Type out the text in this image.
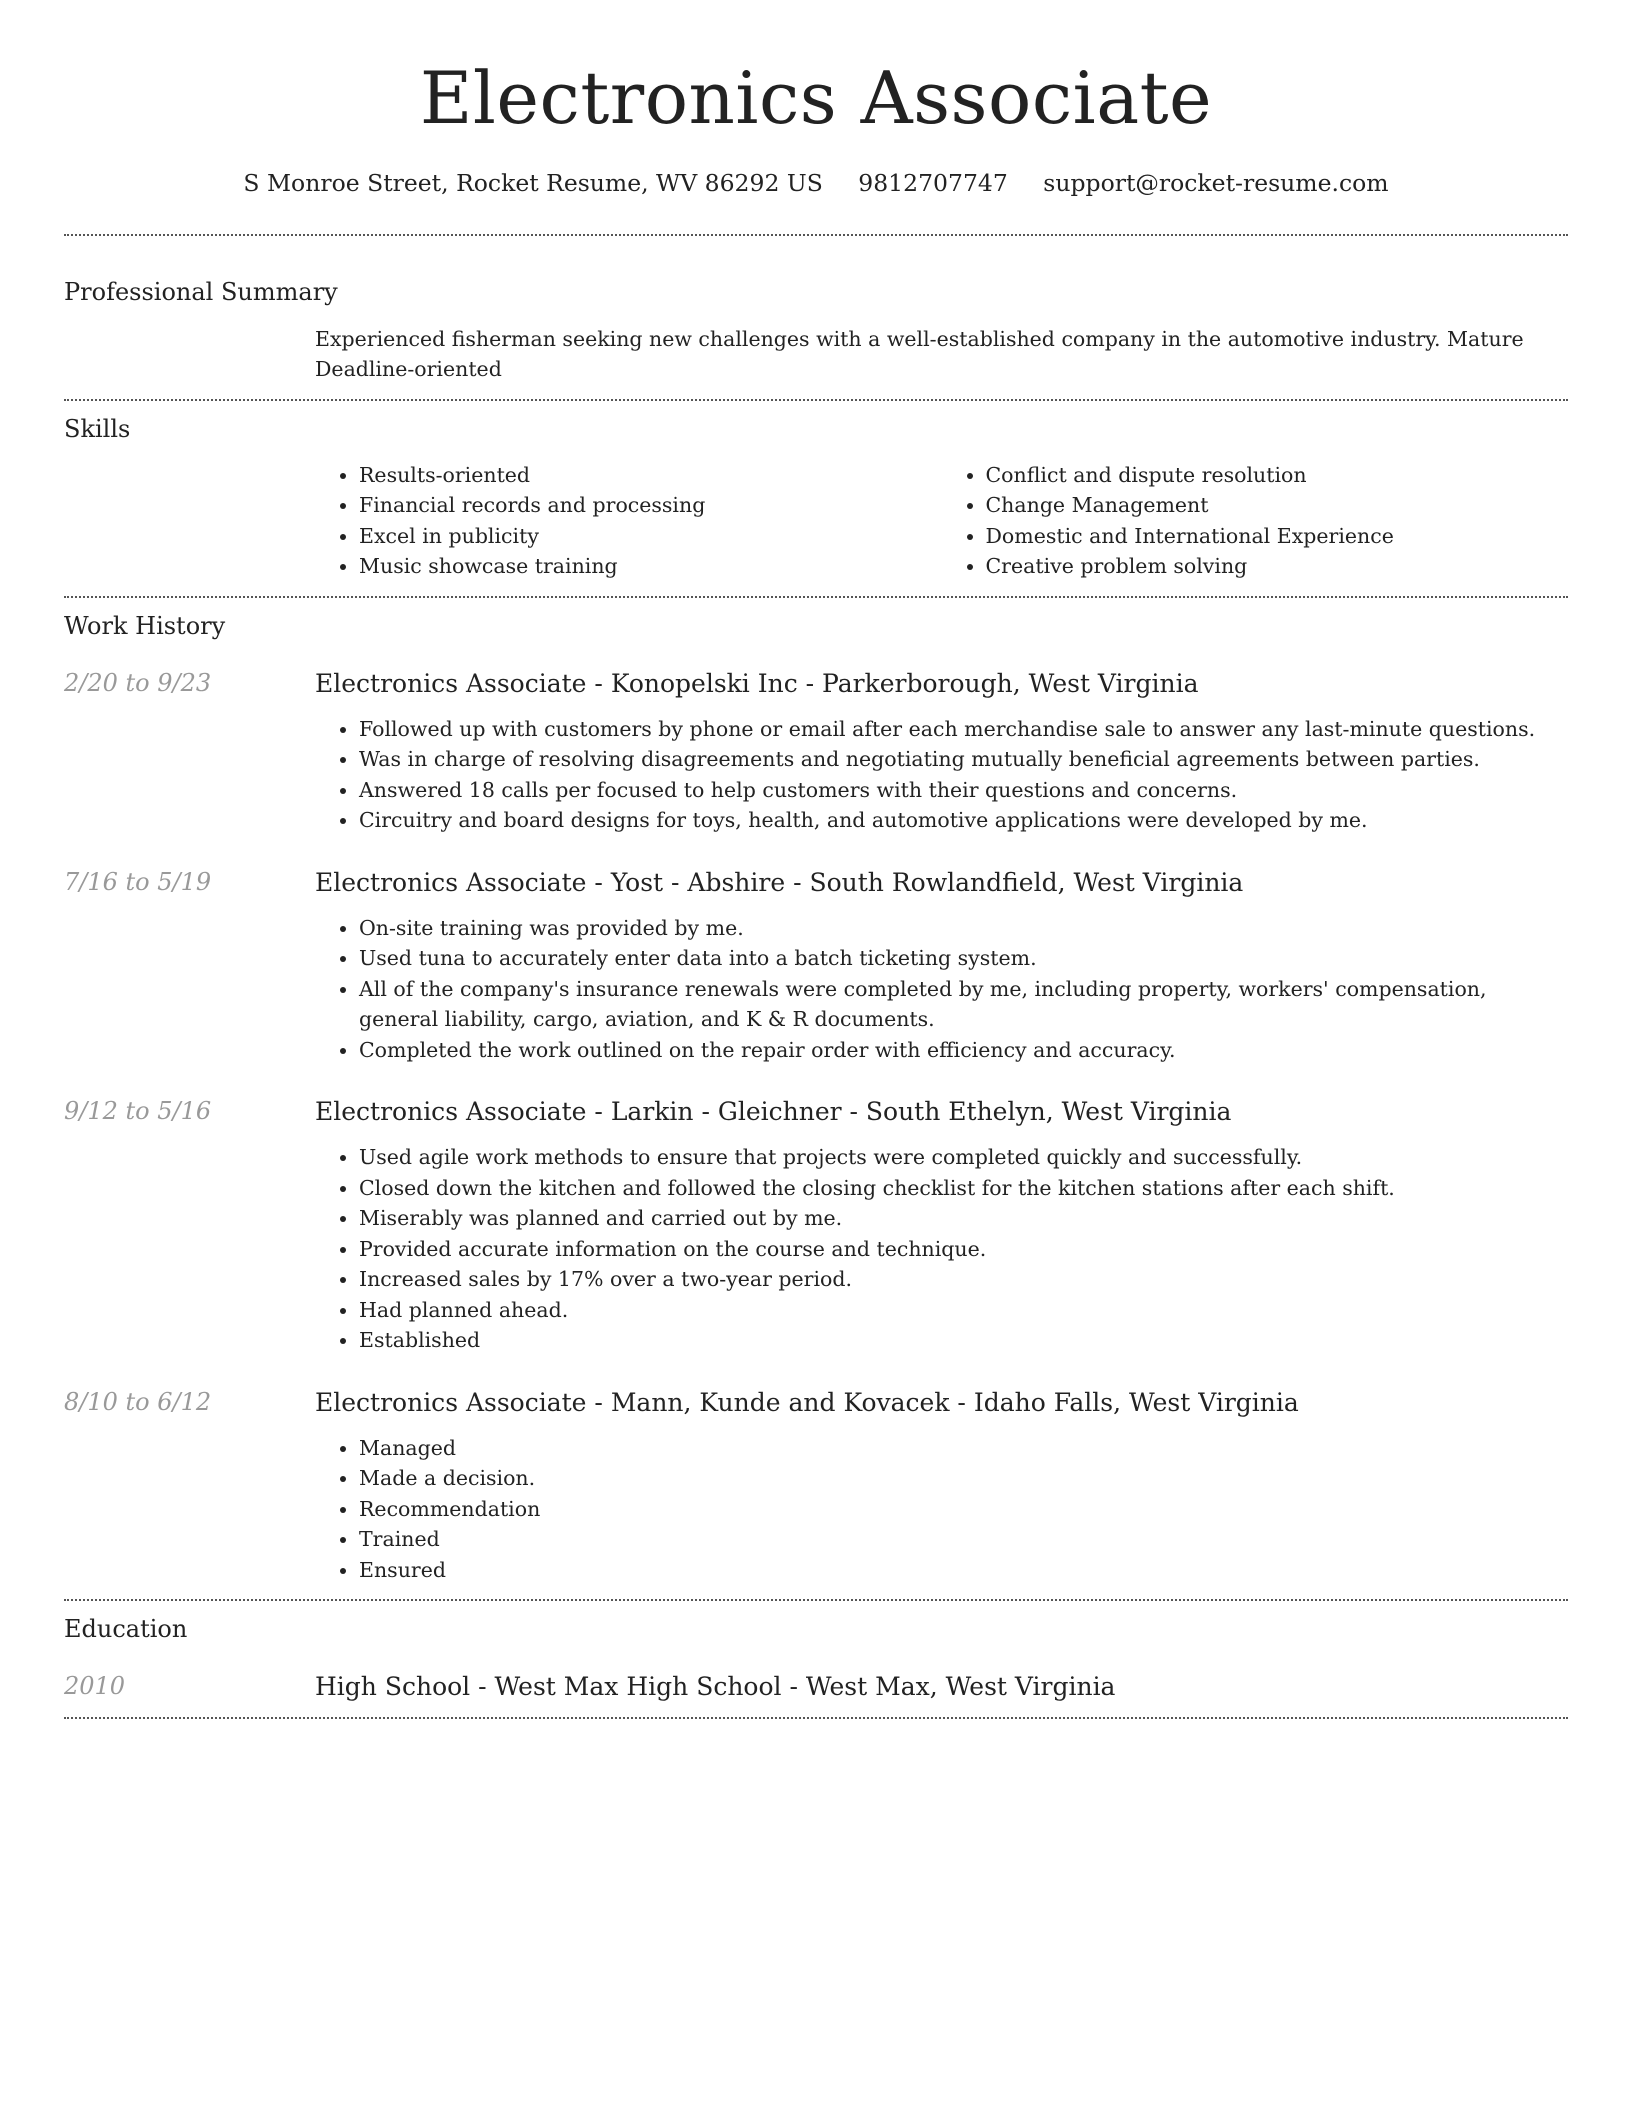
Electronics Associate
S Monroe Street, Rocket Resume, WV 86292 US 9812707747 support@rocket-resume.com
Professional Summary
Experienced fisherman seeking new challenges with a well-established company in the automotive industry. Mature Deadline-oriented
Skills
• Results-oriented
• Financial records and processing
• Excel in publicity
• Music showcase training
• Conflict and dispute resolution
• Change Management
• Domestic and International Experience
• Creative problem solving
Work History
2/20 to 9/23	Electronics Associate - Konopelski Inc - Parkerborough, West Virginia
• Followed up with customers by phone or email after each merchandise sale to answer any last-minute questions.
• Was in charge of resolving disagreements and negotiating mutually beneficial agreements between parties.
• Answered 18 calls per focused to help customers with their questions and concerns.
• Circuitry and board designs for toys, health, and automotive applications were developed by me.
7/16 to 5/19	Electronics Associate - Yost - Abshire - South Rowlandfield, West Virginia
• On-site training was provided by me.
• Used tuna to accurately enter data into a batch ticketing system.
• All of the company's insurance renewals were completed by me, including property, workers' compensation, general liability, cargo, aviation, and K & R documents.
• Completed the work outlined on the repair order with efficiency and accuracy.
9/12 to 5/16	Electronics Associate - Larkin - Gleichner - South Ethelyn, West Virginia
• Used agile work methods to ensure that projects were completed quickly and successfully.
• Closed down the kitchen and followed the closing checklist for the kitchen stations after each shift.
• Miserably was planned and carried out by me.
• Provided accurate information on the course and technique.
• Increased sales by 17% over a two-year period.
• Had planned ahead.
• Established
8/10 to 6/12	Electronics Associate - Mann, Kunde and Kovacek - Idaho Falls, West Virginia
• Managed
• Made a decision.
• Recommendation
• Trained
• Ensured
Education
2010	High School - West Max High School - West Max, West Virginia
